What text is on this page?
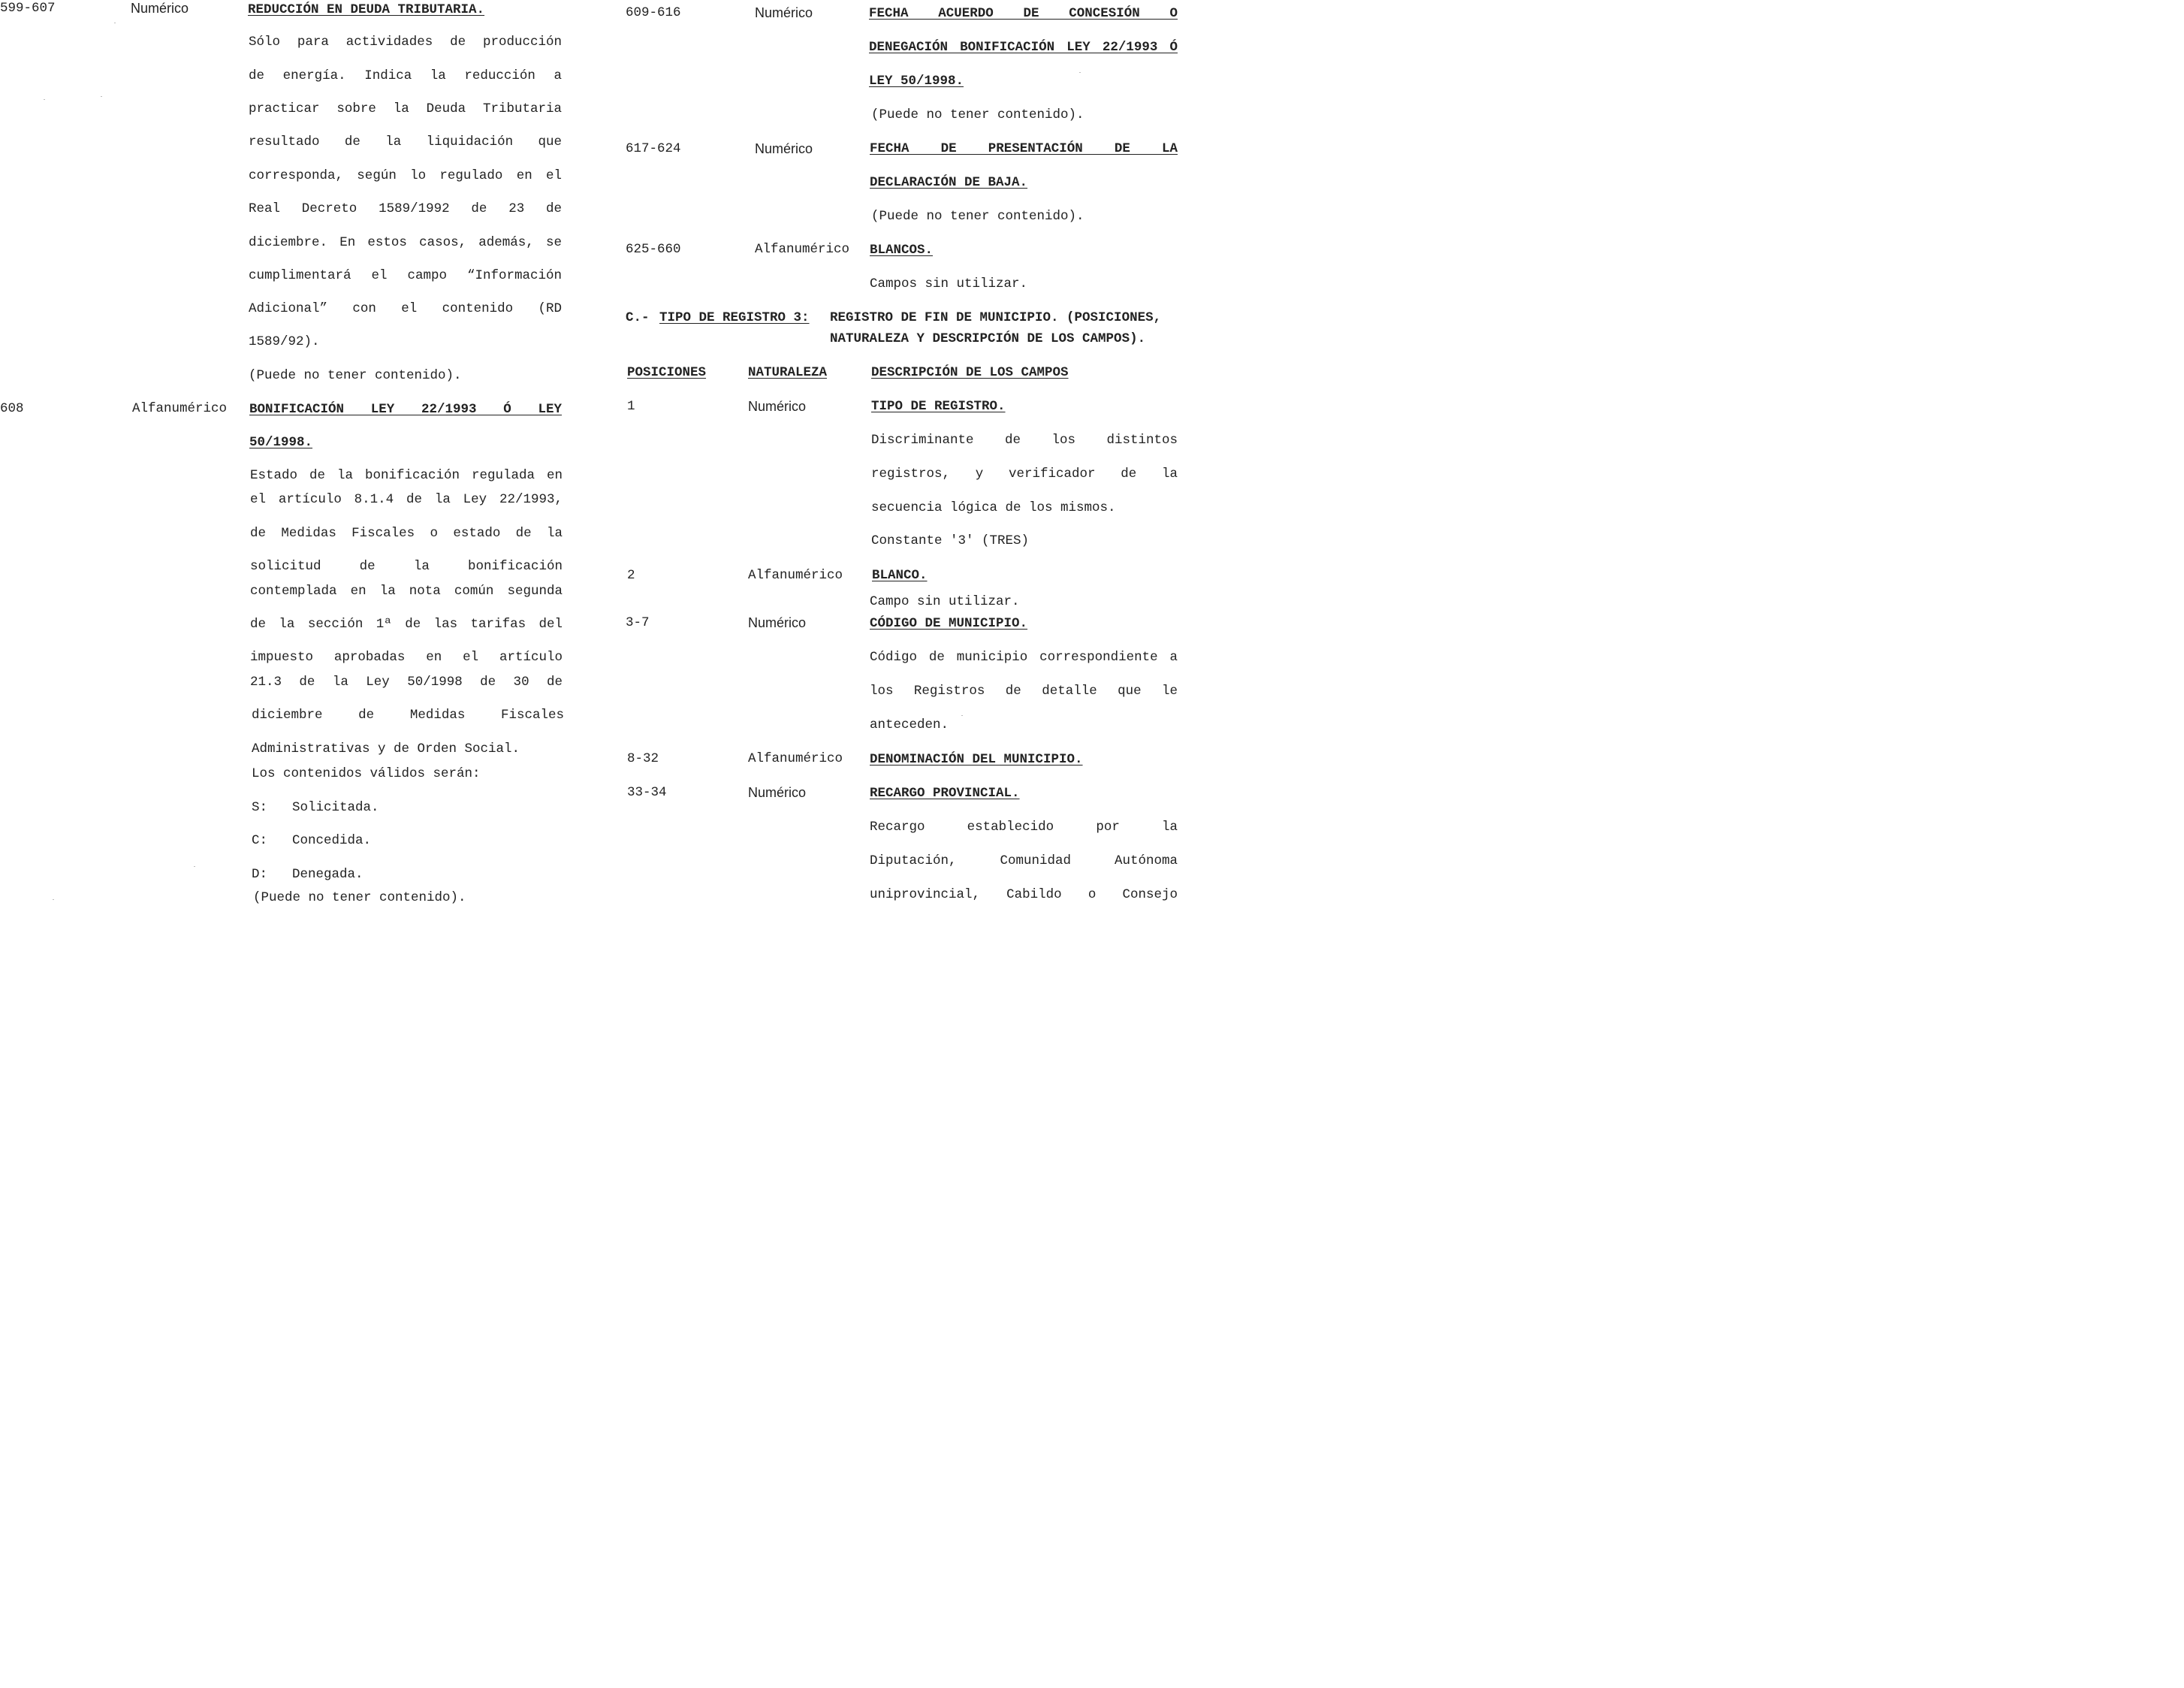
599-607	Numérico	REDUCCIÓN EN DEUDA TRIBUTARIA.
Sólo para actividades de producción
de energía. Indica la reducción a
practicar sobre la Deuda Tributaria
resultado de la liquidación que
corresponda, según lo regulado en el
Real Decreto 1589/1992 de 23 de
diciembre. En estos casos, además, se
cumplimentará el campo “Información
Adicional” con el contenido (RD
1589/92).
(Puede no tener contenido).
608	Alfanumérico BONIFICACIÓN LEY 22/1993 Ó LEY
50/1998.
Estado de la bonificación regulada en
el artículo 8.1.4 de la Ley 22/1993,
de Medidas Fiscales o estado de la
solicitud de la bonificación
contemplada en la nota común segunda
de la sección 1ª de las tarifas del
impuesto aprobadas en el artículo
21.3 de la Ley 50/1998 de 30 de
diciembre de Medidas Fiscales
Administrativas y de Orden Social.
Los contenidos válidos serán:
S: Solicitada.
C: Concedida.
D: Denegada.
(Puede no tener contenido).
609-616	Numérico	FECHA ACUERDO DE CONCESIÓN O
DENEGACIÓN BONIFICACIÓN LEY 22/1993 Ó
LEY 50/1998.
(Puede no tener contenido).
617-624	Numérico	FECHA DE PRESENTACIÓN DE LA
DECLARACIÓN DE BAJA.
(Puede no tener contenido).
625-660	Alfanumérico BLANCOS.
Campos sin utilizar.
C.- TIPO DE REGISTRO 3: REGISTRO DE FIN DE MUNICIPIO. (POSICIONES,
NATURALEZA Y DESCRIPCIÓN DE LOS CAMPOS).
POSICIONES	NATURALEZA	DESCRIPCIÓN DE LOS CAMPOS
1	Numérico	TIPO DE REGISTRO.
Discriminante de los distintos
registros, y verificador de la
secuencia lógica de los mismos.
Constante '3' (TRES)
2	Alfanumérico BLANCO.
Campo sin utilizar.
3-7	Numérico	CÓDIGO DE MUNICIPIO.
Código de municipio correspondiente a
los Registros de detalle que le
anteceden.
8-32	Alfanumérico DENOMINACIÓN DEL MUNICIPIO.
33-34	Numérico	RECARGO PROVINCIAL.
Recargo establecido por la
Diputación, Comunidad Autónoma
uniprovincial, Cabildo o Consejo
